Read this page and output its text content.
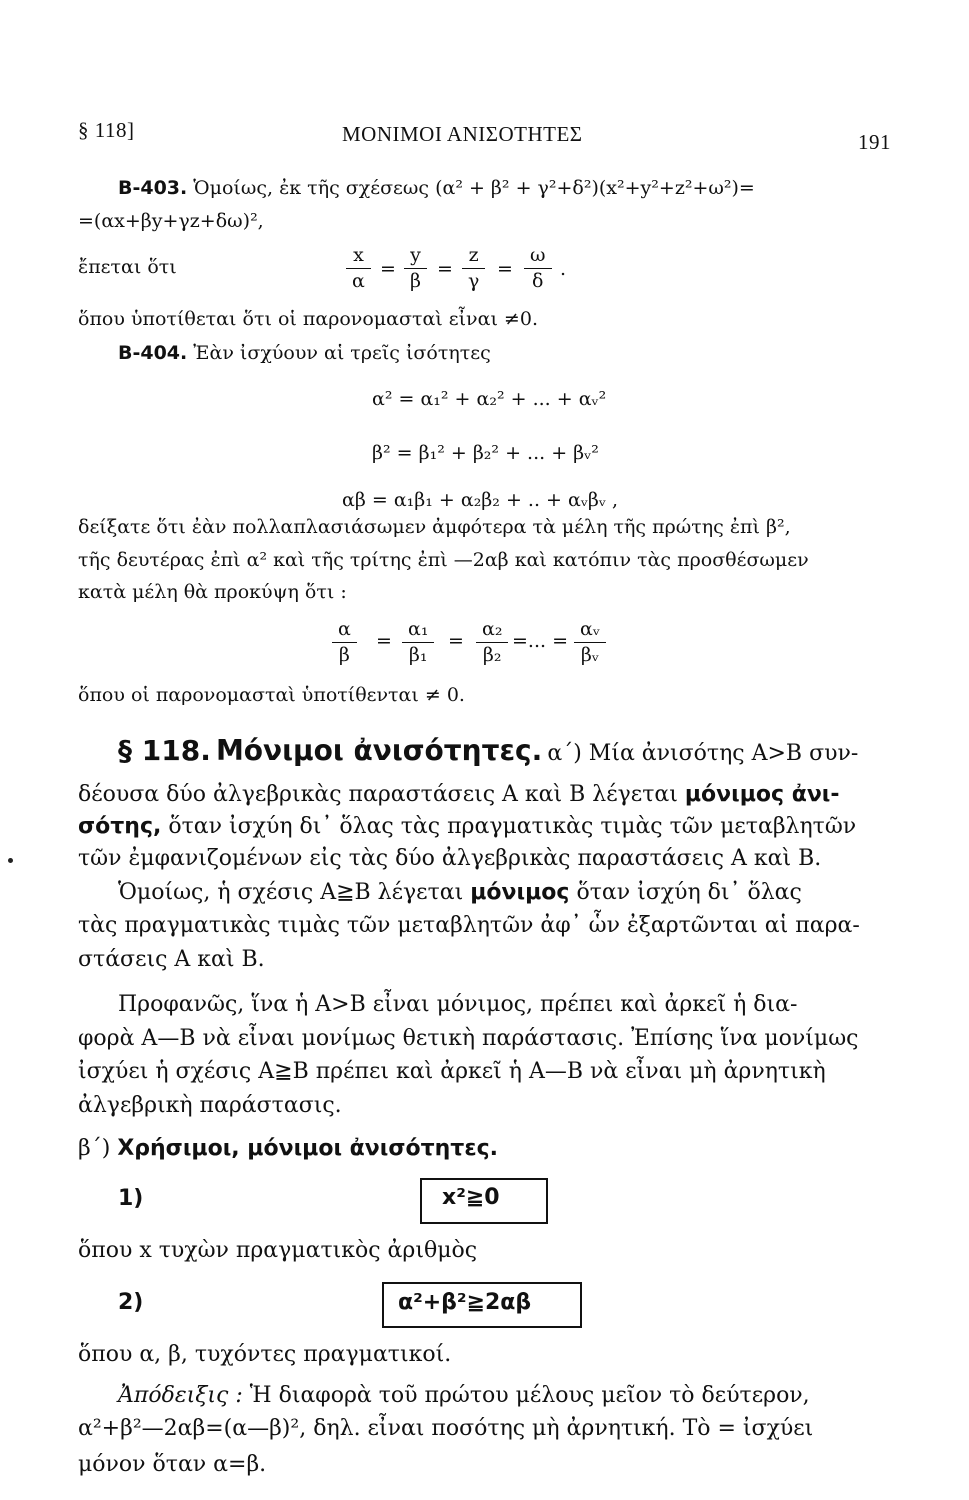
§ 118]	ΜΟΝΙΜΟΙ ΑΝΙΣΟΤΗΤΕΣ	191
Β-403. Ὁμοίως, ἐκ τῆς σχέσεως (α² + β² + γ²+δ²)(x²+y²+z²+ω²)=
=(αx+βy+γz+δω)²,
ἔπεται ὅτι	$\frac{x}{\alpha} = \frac{y}{\beta} = \frac{z}{\gamma} = \frac{\omega}{\delta}$ .
ὅπου ὑποτίθεται ὅτι οἱ παρονομασταὶ εἶναι ≠0.
Β-404. Ἐὰν ἰσχύουν αἱ τρεῖς ἰσότητες
α² = α₁² + α₂² + ... + αᵥ²
β² = β₁² + β₂² + ... + βᵥ²
αβ = α₁β₁ + α₂β₂ + .. + αᵥβᵥ ,
δείξατε ὅτι ἐὰν πολλαπλασιάσωμεν ἀμφότερα τὰ μέλη τῆς πρώτης ἐπὶ β²,
τῆς δευτέρας ἐπὶ α² καὶ τῆς τρίτης ἐπὶ —2αβ καὶ κατόπιν τὰς προσθέσωμεν
κατὰ μέλη θὰ προκύψη ὅτι :
$\frac{\alpha}{\beta} = \frac{\text{α₁}}{\text{β₁}} = \frac{\text{α₂}}{\text{β₂}}$ =... = $\frac{\text{αᵥ}}{\text{βᵥ}}$
ὅπου οἱ παρονομασταὶ ὑποτίθενται ≠ 0.
§ 118. Μόνιμοι ἀνισότητες. α΄) Μία ἀνισότης Α>Β συν-
δέουσα δύο ἀλγεβρικὰς παραστάσεις Α καὶ Β λέγεται μόνιμος ἀνι-
σότης, ὅταν ἰσχύη δι᾽ ὅλας τὰς πραγματικὰς τιμὰς τῶν μεταβλητῶν
τῶν ἐμφανιζομένων εἰς τὰς δύο ἀλγεβρικὰς παραστάσεις Α καὶ Β.
Ὁμοίως, ἡ σχέσις Α≧Β λέγεται μόνιμος ὅταν ἰσχύη δι᾽ ὅλας
τὰς πραγματικὰς τιμὰς τῶν μεταβλητῶν ἀφ᾽ ὧν ἐξαρτῶνται αἱ παρα-
στάσεις Α καὶ Β.
Προφανῶς, ἵνα ἡ Α>Β εἶναι μόνιμος, πρέπει καὶ ἀρκεῖ ἡ δια-
φορὰ Α—Β νὰ εἶναι μονίμως θετικὴ παράστασις. Ἐπίσης ἵνα μονίμως
ἰσχύει ἡ σχέσις Α≧Β πρέπει καὶ ἀρκεῖ ἡ Α—Β νὰ εἶναι μὴ ἀρνητικὴ
ἀλγεβρικὴ παράστασις.
β΄) Χρήσιμοι, μόνιμοι ἀνισότητες.
1)	x²≧0
ὅπου x τυχὼν πραγματικὸς ἀριθμὸς
2)	α²+β²≧2αβ
ὅπου α, β, τυχόντες πραγματικοί.
Ἀπόδειξις : Ἡ διαφορὰ τοῦ πρώτου μέλους μεῖον τὸ δεύτερον,
α²+β²—2αβ=(α—β)², δηλ. εἶναι ποσότης μὴ ἀρνητική. Τὸ = ἰσχύει
μόνον ὅταν α=β.
